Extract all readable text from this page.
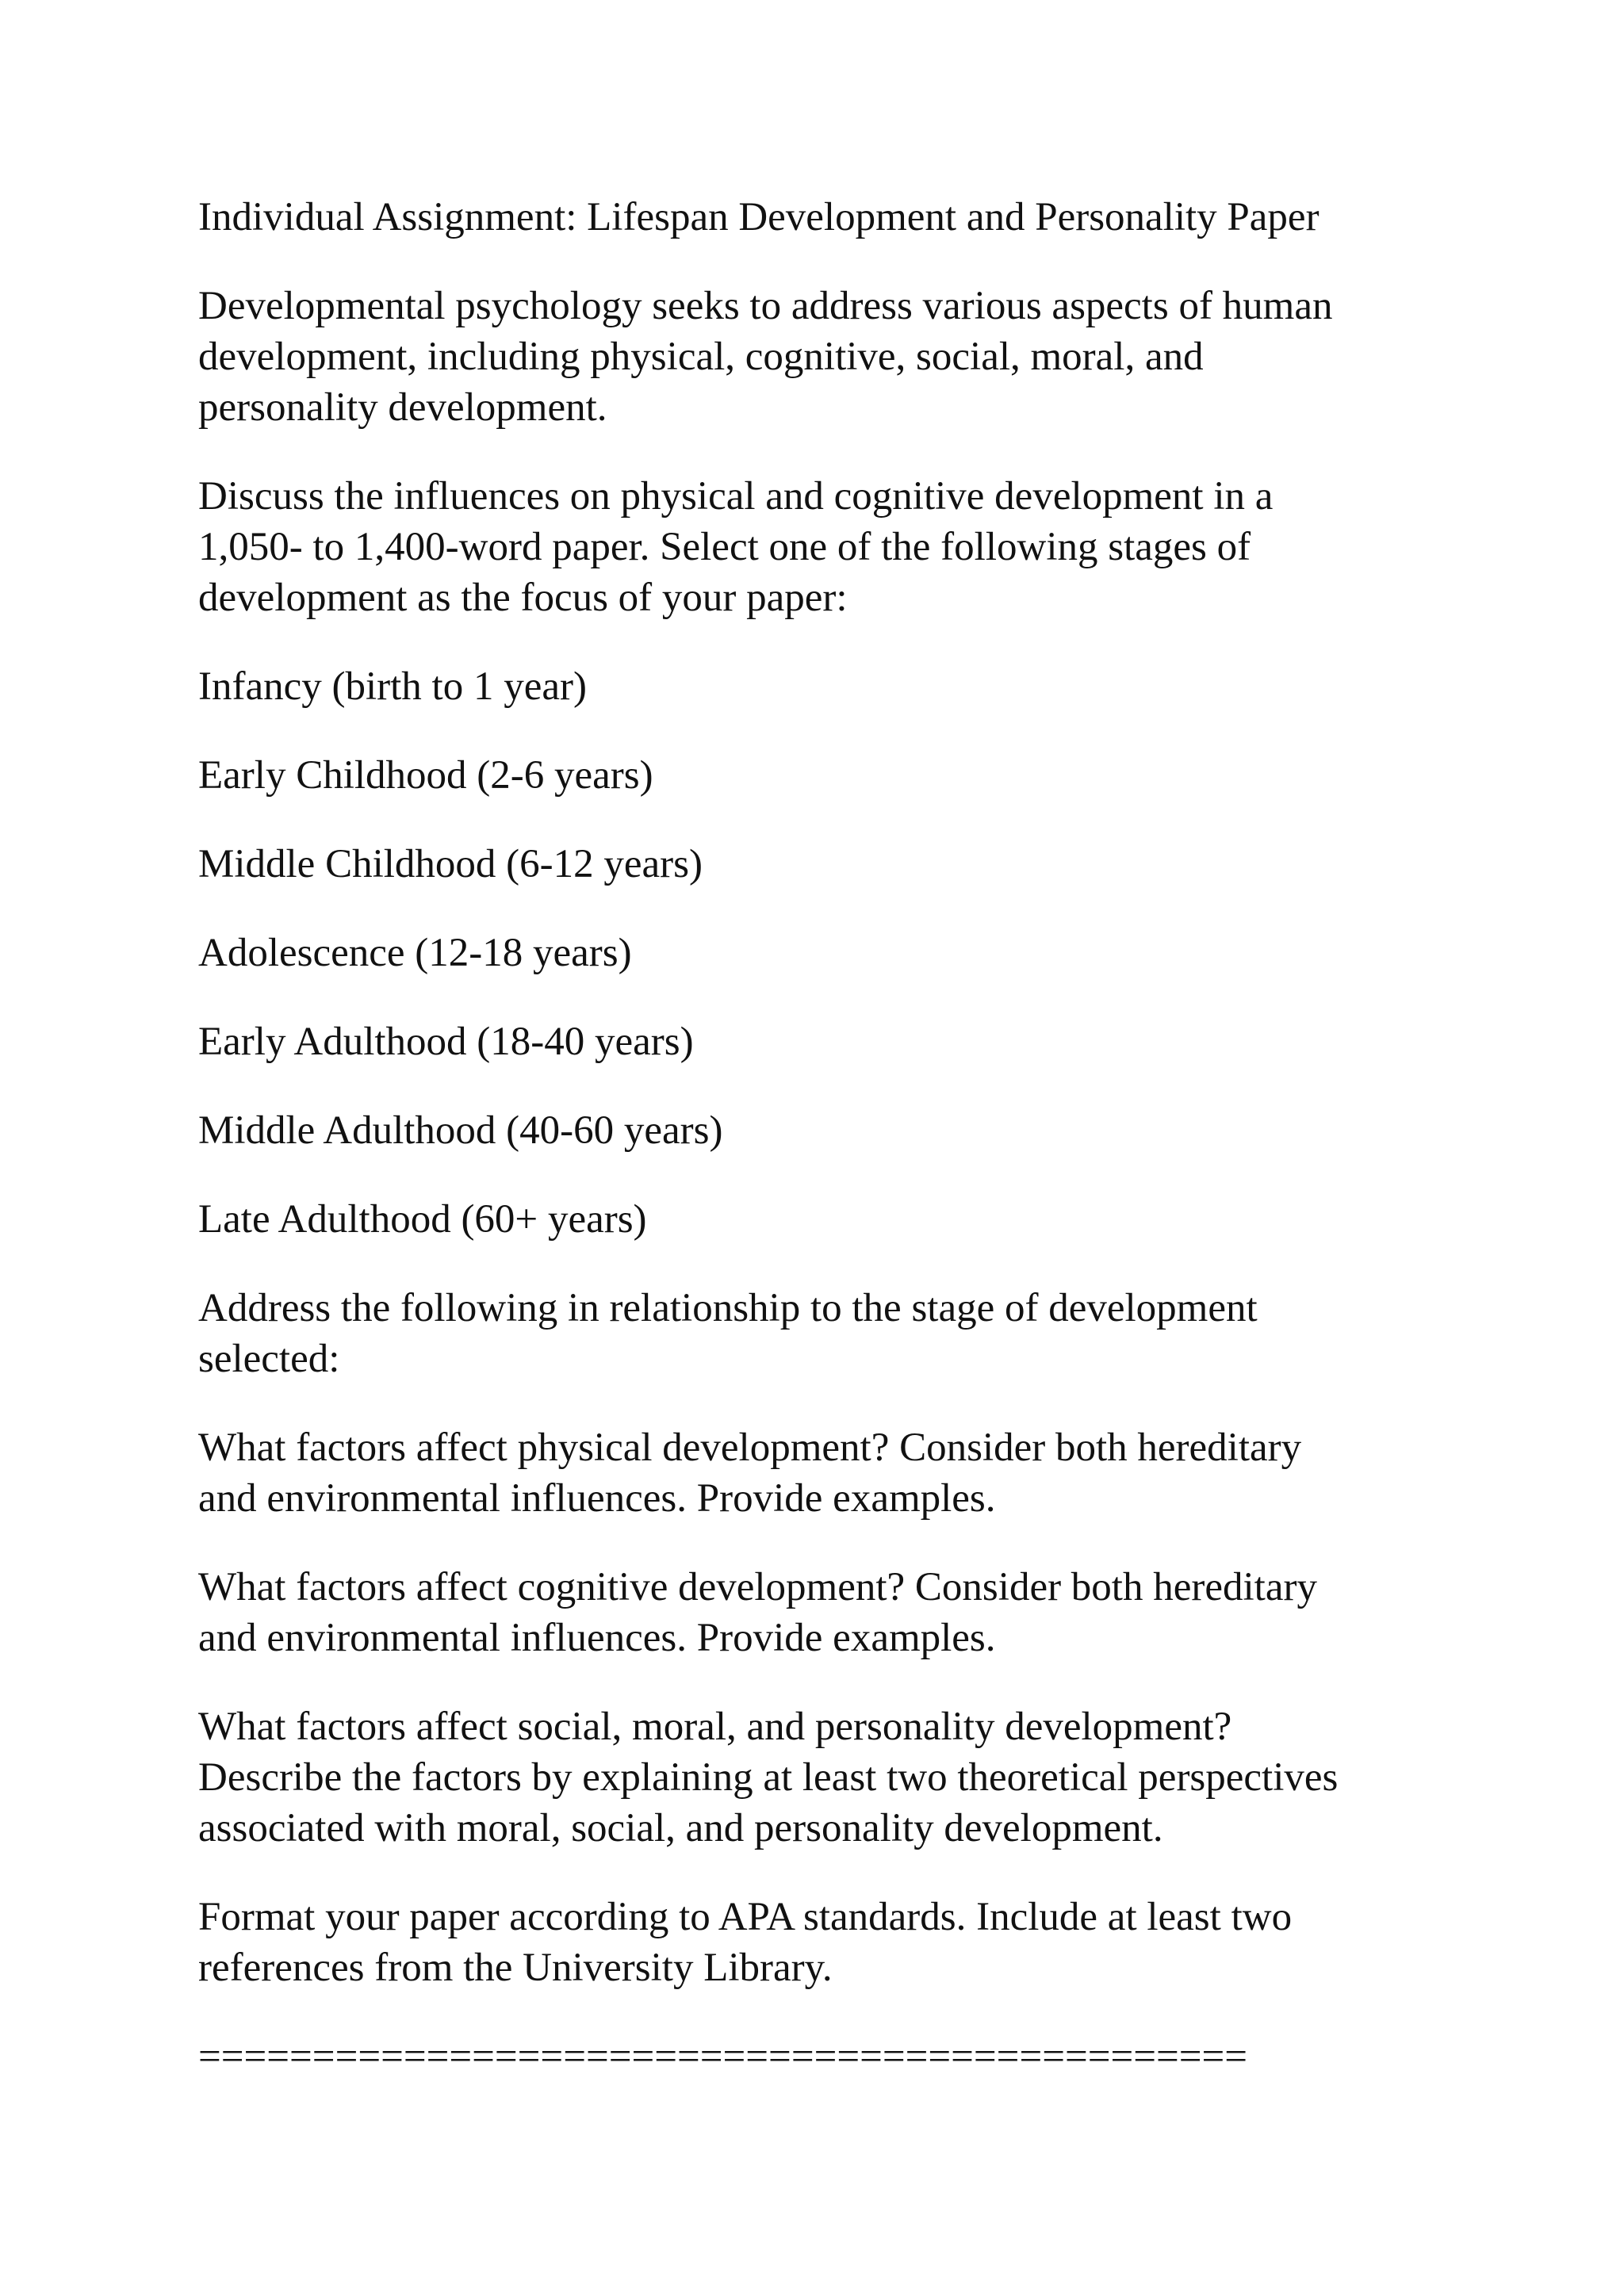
Individual Assignment: Lifespan Development and Personality Paper

Developmental psychology seeks to address various aspects of human
development, including physical, cognitive, social, moral, and
personality development.

Discuss the influences on physical and cognitive development in a
1,050- to 1,400-word paper. Select one of the following stages of
development as the focus of your paper:

Infancy (birth to 1 year)

Early Childhood (2-6 years)

Middle Childhood (6-12 years)

Adolescence (12-18 years)

Early Adulthood (18-40 years)

Middle Adulthood (40-60 years)

Late Adulthood (60+ years)

Address the following in relationship to the stage of development
selected:

What factors affect physical development? Consider both hereditary
and environmental influences. Provide examples.

What factors affect cognitive development? Consider both hereditary
and environmental influences. Provide examples.

What factors affect social, moral, and personality development?
Describe the factors by explaining at least two theoretical perspectives
associated with moral, social, and personality development.

Format your paper according to APA standards. Include at least two
references from the University Library.

==============================================
